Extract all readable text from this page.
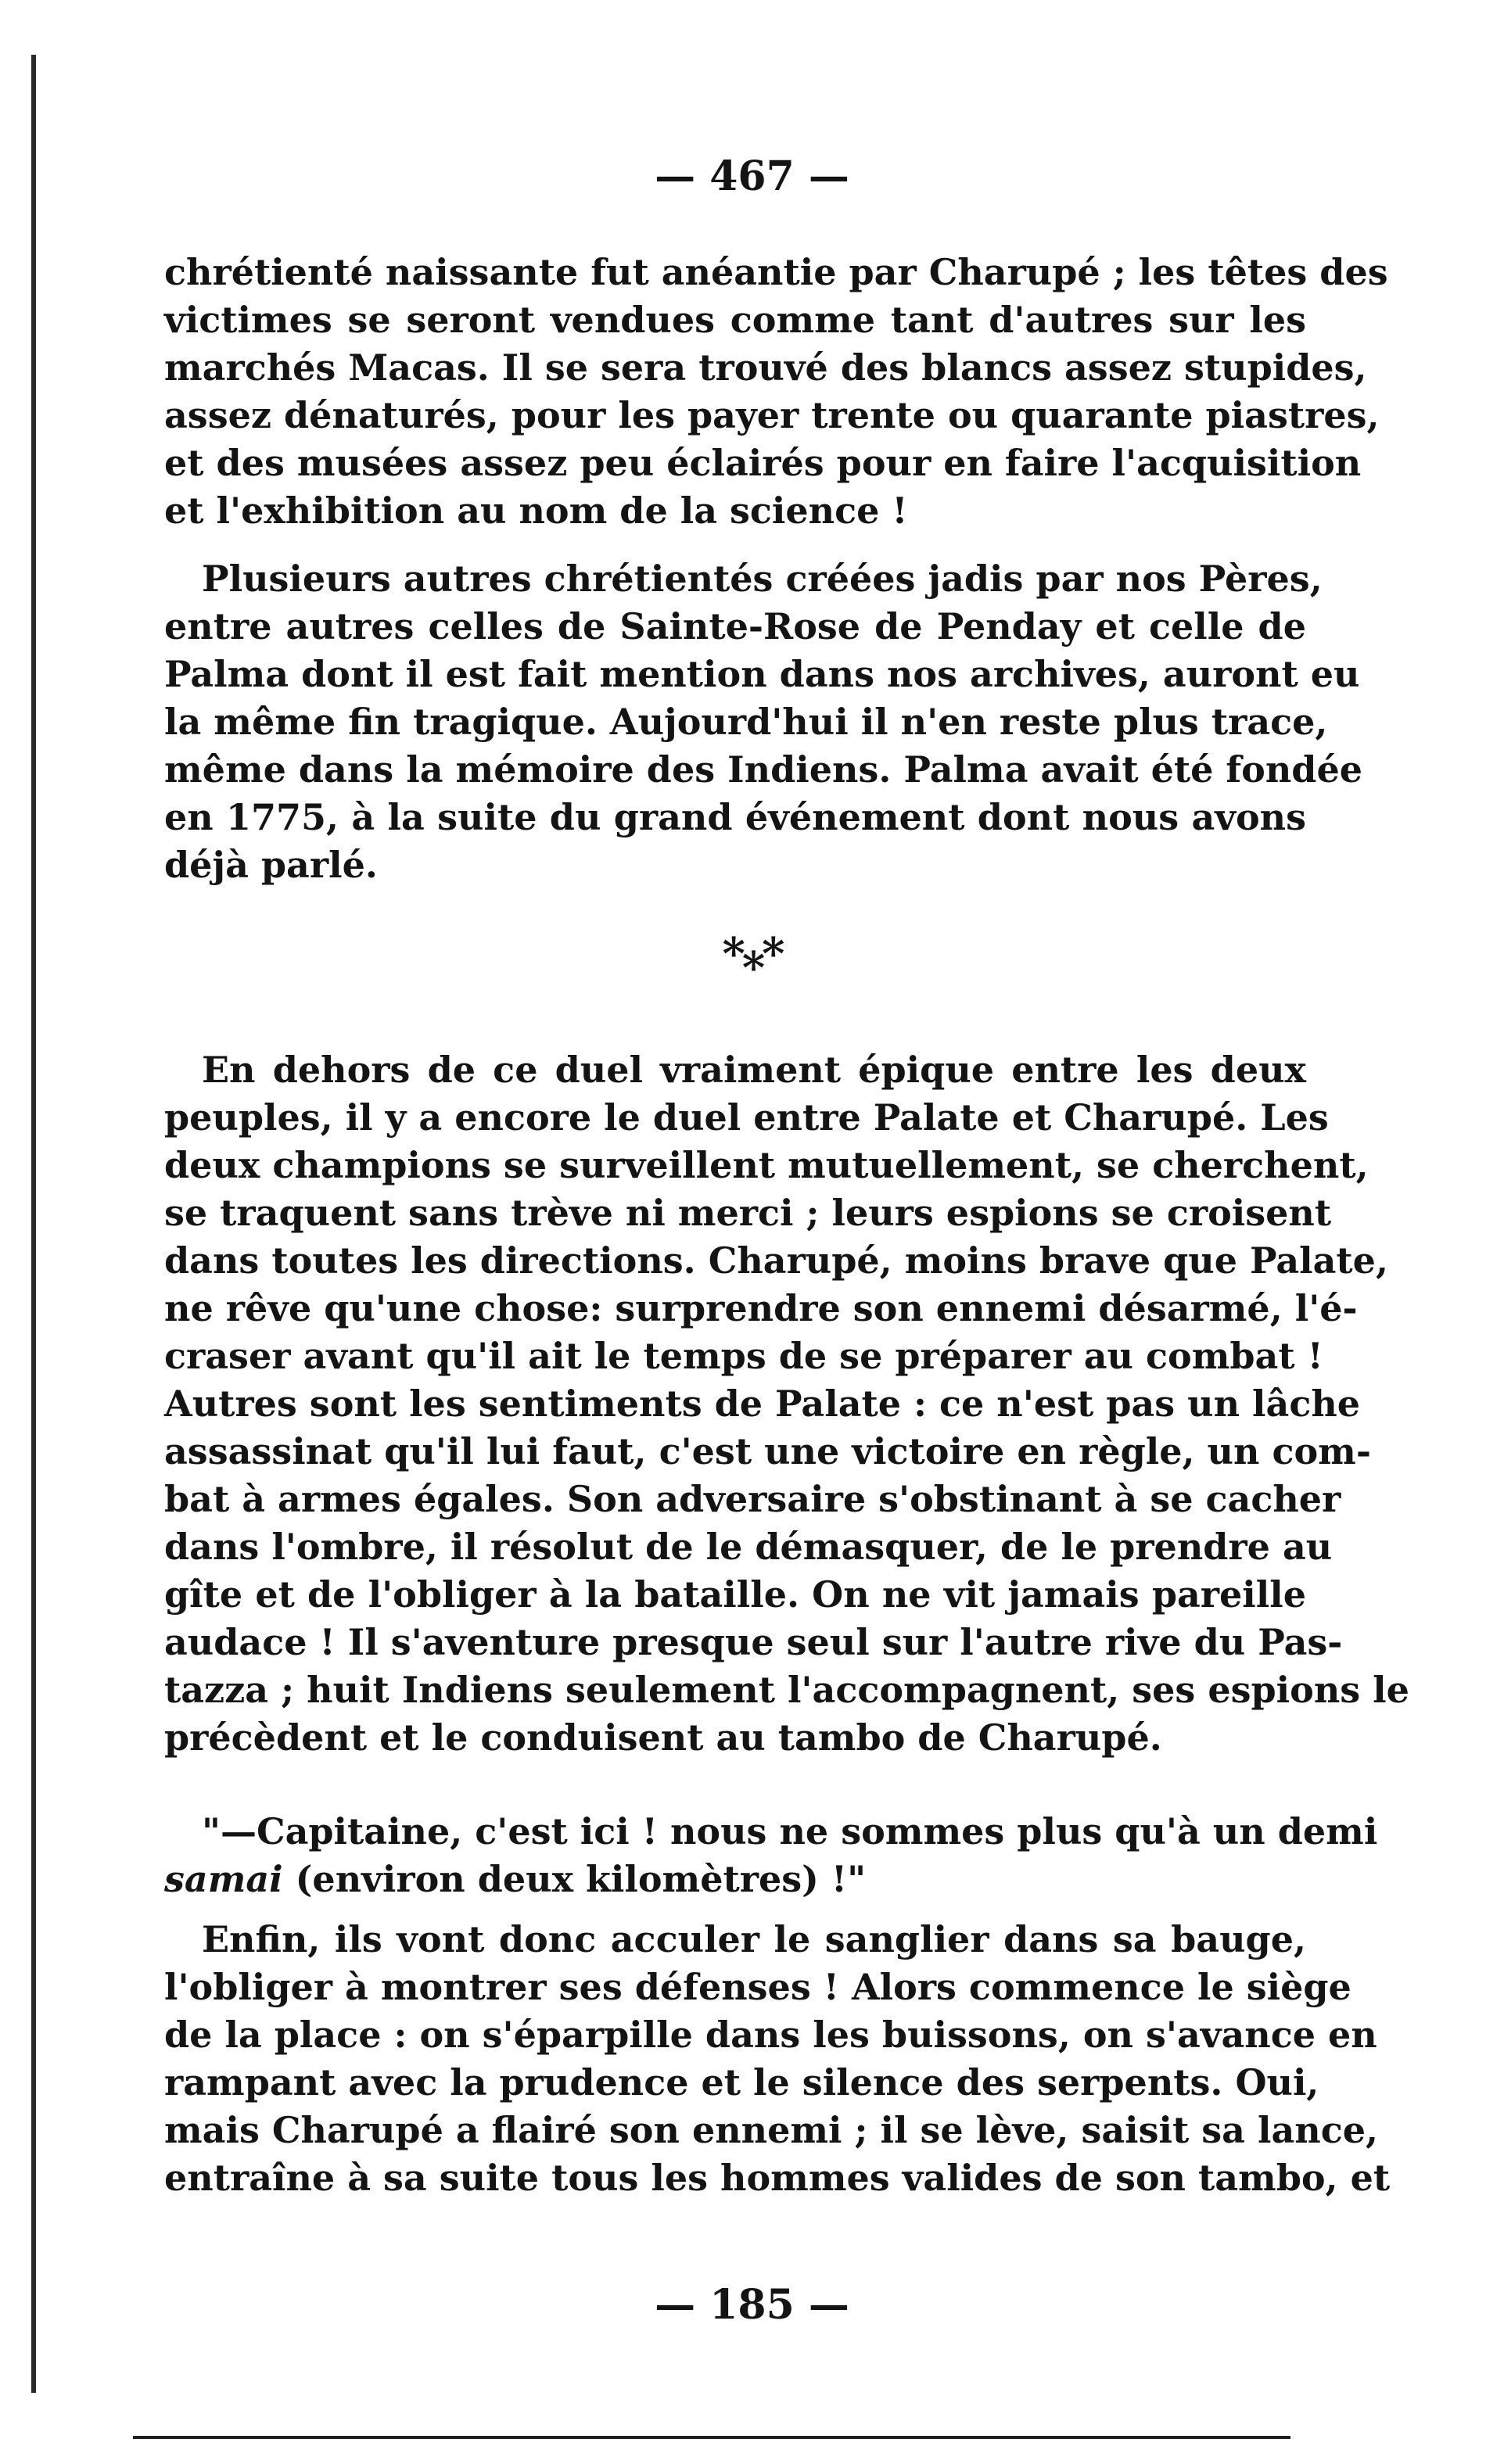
— 467 —
chrétienté naissante fut anéantie par Charupé ; les têtes des
victimes se seront vendues comme tant d'autres sur les
marchés Macas. Il se sera trouvé des blancs assez stupides,
assez dénaturés, pour les payer trente ou quarante piastres,
et des musées assez peu éclairés pour en faire l'acquisition
et l'exhibition au nom de la science !
Plusieurs autres chrétientés créées jadis par nos Pères,
entre autres celles de Sainte-Rose de Penday et celle de
Palma dont il est fait mention dans nos archives, auront eu
la même fin tragique. Aujourd'hui il n'en reste plus trace,
même dans la mémoire des Indiens. Palma avait été fondée
en 1775, à la suite du grand événement dont nous avons
déjà parlé.
***
En dehors de ce duel vraiment épique entre les deux
peuples, il y a encore le duel entre Palate et Charupé. Les
deux champions se surveillent mutuellement, se cherchent,
se traquent sans trève ni merci ; leurs espions se croisent
dans toutes les directions. Charupé, moins brave que Palate,
ne rêve qu'une chose: surprendre son ennemi désarmé, l'é-
craser avant qu'il ait le temps de se préparer au combat !
Autres sont les sentiments de Palate : ce n'est pas un lâche
assassinat qu'il lui faut, c'est une victoire en règle, un com-
bat à armes égales. Son adversaire s'obstinant à se cacher
dans l'ombre, il résolut de le démasquer, de le prendre au
gîte et de l'obliger à la bataille. On ne vit jamais pareille
audace ! Il s'aventure presque seul sur l'autre rive du Pas-
tazza ; huit Indiens seulement l'accompagnent, ses espions le
précèdent et le conduisent au tambo de Charupé.
"—Capitaine, c'est ici ! nous ne sommes plus qu'à un demi
samai (environ deux kilomètres) !"
Enfin, ils vont donc acculer le sanglier dans sa bauge,
l'obliger à montrer ses défenses ! Alors commence le siège
de la place : on s'éparpille dans les buissons, on s'avance en
rampant avec la prudence et le silence des serpents. Oui,
mais Charupé a flairé son ennemi ; il se lève, saisit sa lance,
entraîne à sa suite tous les hommes valides de son tambo, et
— 185 —
